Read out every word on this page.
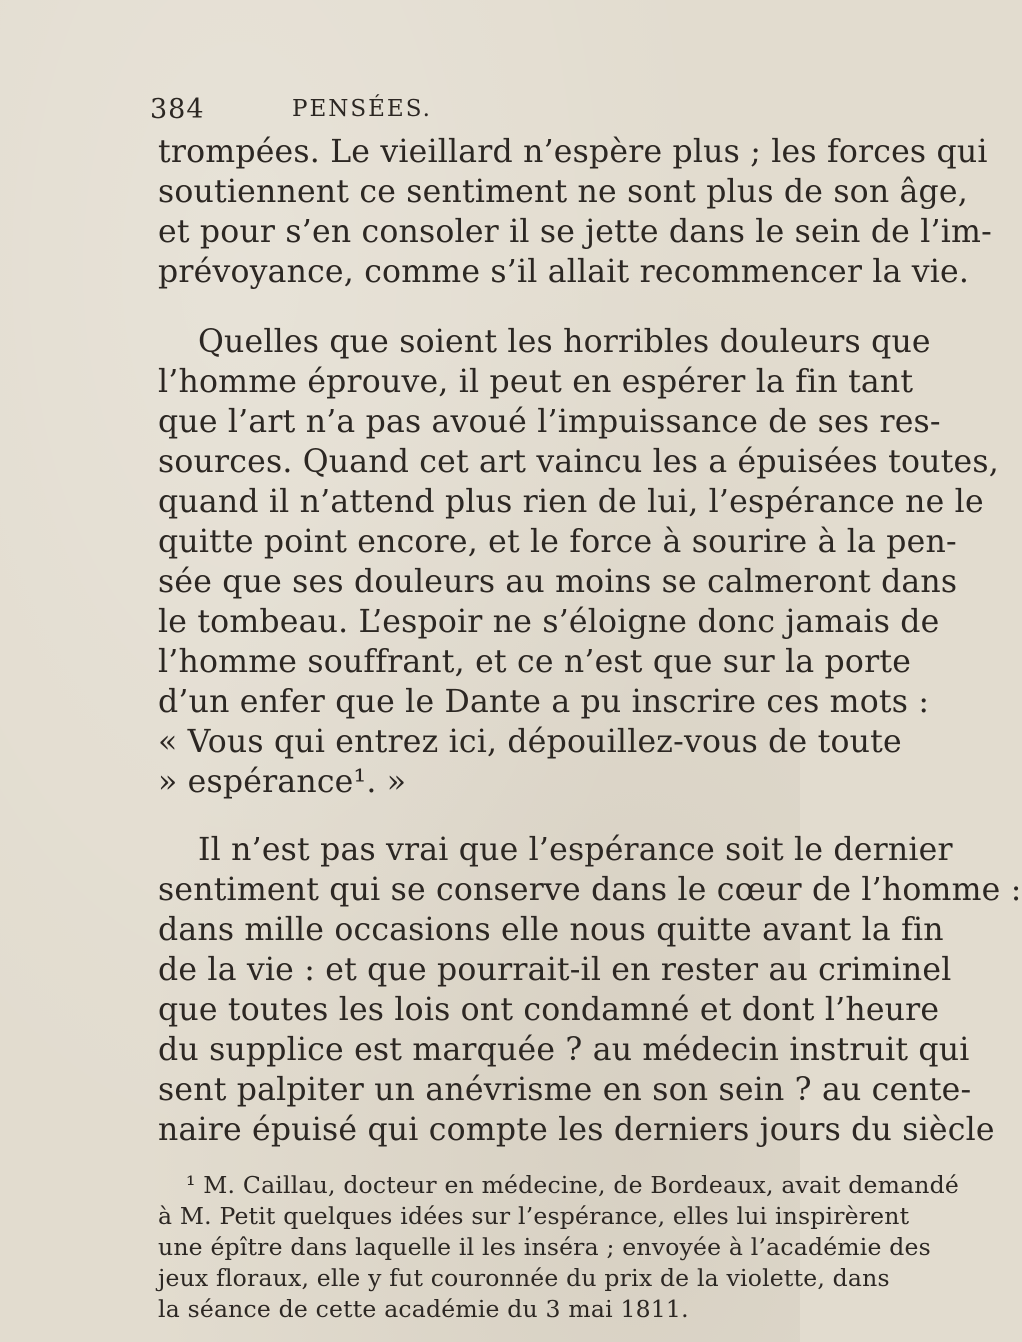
384	PENSÉES.
trompées. Le vieillard n’espère plus ; les forces qui
soutiennent ce sentiment ne sont plus de son âge,
et pour s’en consoler il se jette dans le sein de l’im-
prévoyance, comme s’il allait recommencer la vie.
Quelles que soient les horribles douleurs que
l’homme éprouve, il peut en espérer la fin tant
que l’art n’a pas avoué l’impuissance de ses res-
sources. Quand cet art vaincu les a épuisées toutes,
quand il n’attend plus rien de lui, l’espérance ne le
quitte point encore, et le force à sourire à la pen-
sée que ses douleurs au moins se calmeront dans
le tombeau. L’espoir ne s’éloigne donc jamais de
l’homme souffrant, et ce n’est que sur la porte
d’un enfer que le Dante a pu inscrire ces mots :
« Vous qui entrez ici, dépouillez-vous de toute
» espérance¹. »
Il n’est pas vrai que l’espérance soit le dernier
sentiment qui se conserve dans le cœur de l’homme :
dans mille occasions elle nous quitte avant la fin
de la vie : et que pourrait-il en rester au criminel
que toutes les lois ont condamné et dont l’heure
du supplice est marquée ? au médecin instruit qui
sent palpiter un anévrisme en son sein ? au cente-
naire épuisé qui compte les derniers jours du siècle
¹ M. Caillau, docteur en médecine, de Bordeaux, avait demandé
à M. Petit quelques idées sur l’espérance, elles lui inspirèrent
une épître dans laquelle il les inséra ; envoyée à l’académie des
jeux floraux, elle y fut couronnée du prix de la violette, dans
la séance de cette académie du 3 mai 1811.
